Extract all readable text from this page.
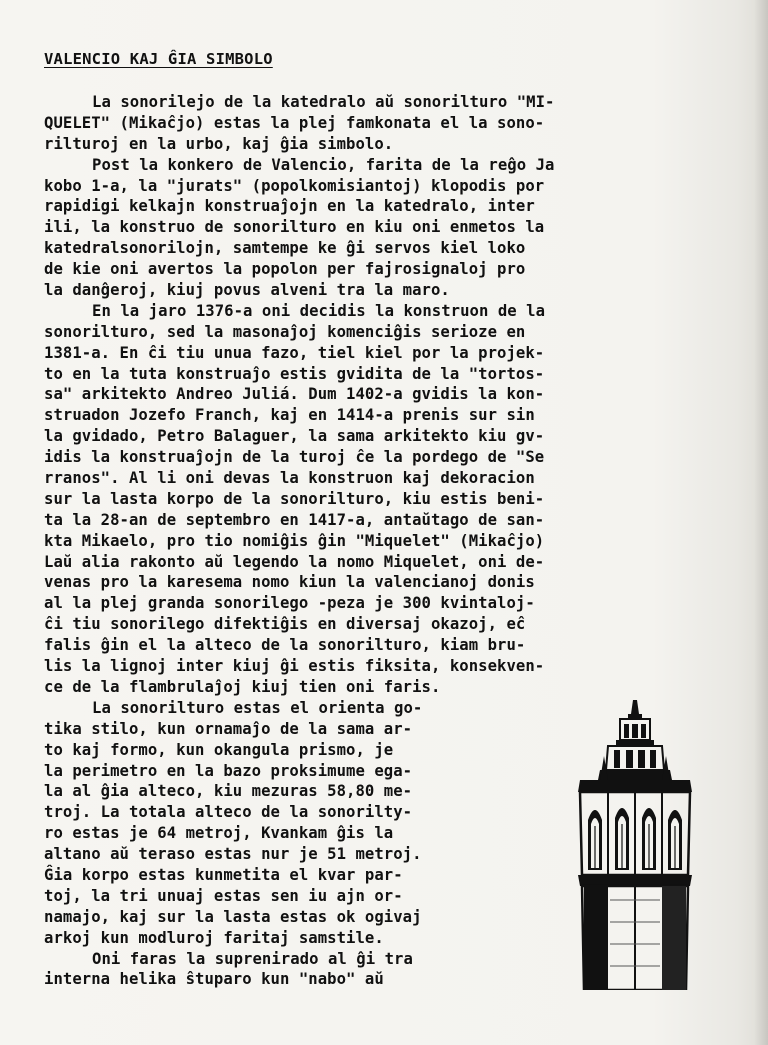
VALENCIO KAJ ĜIA SIMBOLO
La sonorilejo de la katedralo aŭ sonorilturo "MI-
QUELET" (Mikaĉjo) estas la plej famkonata el la sono-
rilturoj en la urbo, kaj ĝia simbolo.
Post la konkero de Valencio, farita de la reĝo Ja
kobo 1-a, la "jurats" (popolkomisiantoj) klopodis por
rapidigi kelkajn konstruaĵojn en la katedralo, inter
ili, la konstruo de sonorilturo en kiu oni enmetos la
katedralsonorilojn, samtempe ke ĝi servos kiel loko
de kie oni avertos la popolon per fajrosignaloj pro
la danĝeroj, kiuj povus alveni tra la maro.
En la jaro 1376-a oni decidis la konstruon de la
sonorilturo, sed la masonaĵoj komenciĝis serioze en
1381-a. En ĉi tiu unua fazo, tiel kiel por la projek-
to en la tuta konstruaĵo estis gvidita de la "tortos-
sa" arkitekto Andreo Juliá. Dum 1402-a gvidis la kon-
struadon Jozefo Franch, kaj en 1414-a prenis sur sin
la gvidado, Petro Balaguer, la sama arkitekto kiu gv-
idis la konstruaĵojn de la turoj ĉe la pordego de "Se
rranos". Al li oni devas la konstruon kaj dekoracion
sur la lasta korpo de la sonorilturo, kiu estis beni-
ta la 28-an de septembro en 1417-a, antaŭtago de san-
kta Mikaelo, pro tio nomiĝis ĝin "Miquelet" (Mikaĉjo)
Laŭ alia rakonto aŭ legendo la nomo Miquelet, oni de-
venas pro la karesema nomo kiun la valencianoj donis
al la plej granda sonorilego -peza je 300 kvintaloj-
ĉi tiu sonorilego difektiĝis en diversaj okazoj, eĉ
falis ĝin el la alteco de la sonorilturo, kiam bru-
lis la lignoj inter kiuj ĝi estis fiksita, konsekven-
ce de la flambrulaĵoj kiuj tien oni faris.
La sonorilturo estas el orienta go-
tika stilo, kun ornamaĵo de la sama ar-
to kaj formo, kun okangula prismo, je
la perimetro en la bazo proksimume ega-
la al ĝia alteco, kiu mezuras 58,80 me-
troj. La totala alteco de la sonorilty-
ro estas je 64 metroj, Kvankam ĝis la
altano aŭ teraso estas nur je 51 metroj.
Ĝia korpo estas kunmetita el kvar par-
toj, la tri unuaj estas sen iu ajn or-
namajo, kaj sur la lasta estas ok ogivaj
arkoj kun modluroj faritaj samstile.
Oni faras la suprenirado al ĝi tra
interna helika ŝtuparo kun "nabo" aŭ
